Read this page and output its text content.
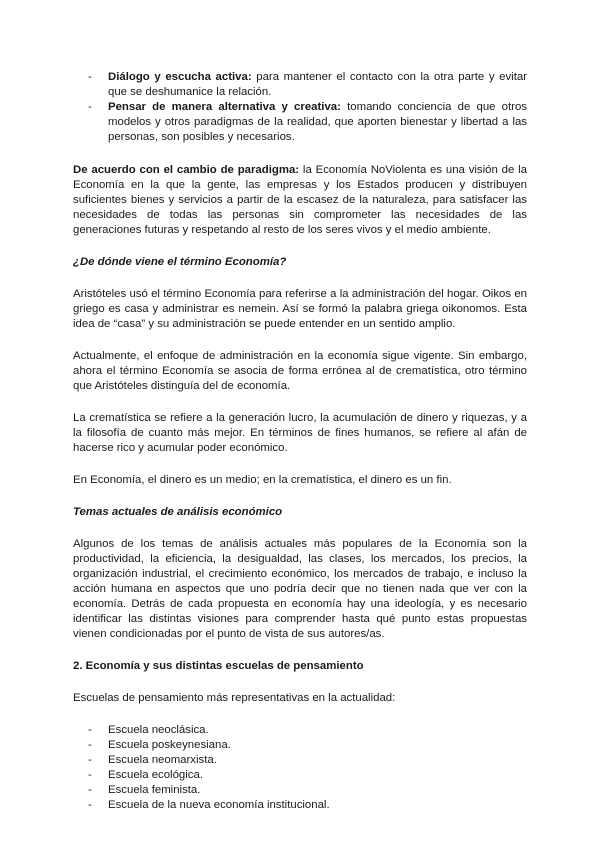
- Diálogo y escucha activa: para mantener el contacto con la otra parte y evitar que se deshumanice la relación.
- Pensar de manera alternativa y creativa: tomando conciencia de que otros modelos y otros paradigmas de la realidad, que aporten bienestar y libertad a las personas, son posibles y necesarios.

De acuerdo con el cambio de paradigma: la Economía NoViolenta es una visión de la Economía en la que la gente, las empresas y los Estados producen y distribuyen suficientes bienes y servicios a partir de la escasez de la naturaleza, para satisfacer las necesidades de todas las personas sin comprometer las necesidades de las generaciones futuras y respetando al resto de los seres vivos y el medio ambiente.

¿De dónde viene el término Economía?

Aristóteles usó el término Economía para referirse a la administración del hogar. Oikos en griego es casa y administrar es nemein. Así se formó la palabra griega oikonomos. Esta idea de “casa” y su administración se puede entender en un sentido amplio.

Actualmente, el enfoque de administración en la economía sigue vigente. Sin embargo, ahora el término Economía se asocia de forma errónea al de crematística, otro término que Aristóteles distinguía del de economía.

La crematística se refiere a la generación lucro, la acumulación de dinero y riquezas, y a la filosofía de cuanto más mejor. En términos de fines humanos, se refiere al afán de hacerse rico y acumular poder económico.

En Economía, el dinero es un medio; en la crematística, el dinero es un fin.

Temas actuales de análisis económico

Algunos de los temas de análisis actuales más populares de la Economía son la productividad, la eficiencia, la desigualdad, las clases, los mercados, los precios, la organización industrial, el crecimiento económico, los mercados de trabajo, e incluso la acción humana en aspectos que uno podría decir que no tienen nada que ver con la economía. Detrás de cada propuesta en economía hay una ideología, y es necesario identificar las distintas visiones para comprender hasta qué punto estas propuestas vienen condicionadas por el punto de vista de sus autores/as.

2. Economía y sus distintas escuelas de pensamiento

Escuelas de pensamiento más representativas en la actualidad:

- Escuela neoclásica.
- Escuela poskeynesiana.
- Escuela neomarxista.
- Escuela ecológica.
- Escuela feminista.
- Escuela de la nueva economía institucional.
